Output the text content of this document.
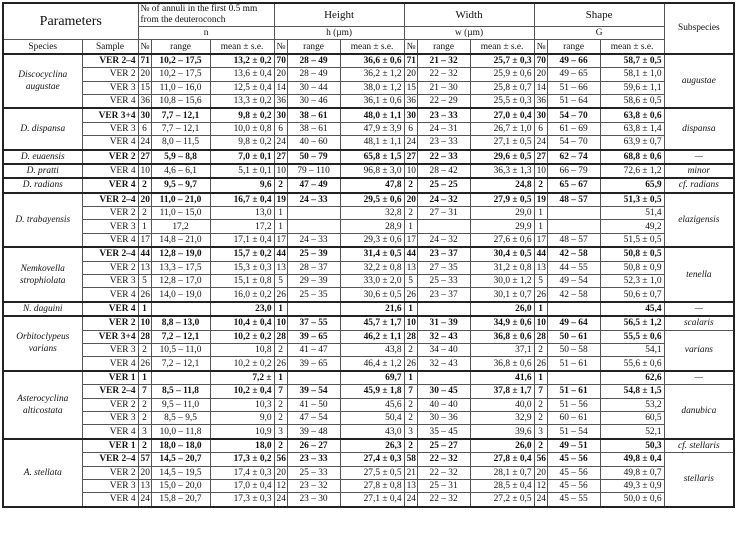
Parameters		№ of annuli in the first 0.5 mm from the deuteroconch			Height			Width			Shape			Subspecies
		n			h (µm)			w (µm)			G			
Species	Sample	№	range	mean ± s.e.	№	range	mean ± s.e.	№	range	mean ± s.e.	№	range	mean ± s.e.	
Discocyclina augustae	VER 2–4	71	10,2 – 17,5	13,2 ± 0,2	70	28 – 49	36,6 ± 0,6	71	21 – 32	25,7 ± 0,3	70	49 – 66	58,7 ± 0,5	augustae
	VER 2	20	10,2 – 17,5	13,6 ± 0,4	20	28 – 49	36,2 ± 1,2	20	22 – 32	25,9 ± 0,6	20	49 – 65	58,1 ± 1,0	
	VER 3	15	11,0 – 16,0	12,5 ± 0,4	14	30 – 44	38,0 ± 1,2	15	21 – 30	25,8 ± 0,7	14	51 – 66	59,6 ± 1,1	
	VER 4	36	10,8 – 15,6	13,3 ± 0,2	36	30 – 46	36,1 ± 0,6	36	22 – 29	25,5 ± 0,3	36	51 – 64	58,6 ± 0,5	
D. dispansa	VER 3+4	30	7,7 – 12,1	9,8 ± 0,2	30	38 – 61	48,0 ± 1,1	30	23 – 33	27,0 ± 0,4	30	54 – 70	63,8 ± 0,6	dispansa
	VER 3	6	7,7 – 12,1	10,0 ± 0,8	6	38 – 61	47,9 ± 3,9	6	24 – 31	26,7 ± 1,0	6	61 – 69	63,8 ± 1,4	
	VER 4	24	8,0 – 11,5	9,8 ± 0,2	24	40 – 60	48,1 ± 1,1	24	23 – 33	27,1 ± 0,5	24	54 – 70	63,9 ± 0,7	
D. euaensis	VER 2	27	5,9 – 8,8	7,0 ± 0,1	27	50 – 79	65,8 ± 1,5	27	22 – 33	29,6 ± 0,5	27	62 – 74	68,8 ± 0,6	—
D. pratti	VER 4	10	4,6 – 6,1	5,1 ± 0,1	10	79 – 110	96,8 ± 3,0	10	28 – 42	36,3 ± 1,3	10	66 – 79	72,6 ± 1,2	minor
D. radians	VER 4	2	9,5 – 9,7	9,6	2	47 – 49	47,8	2	25 – 25	24,8	2	65 – 67	65,9	cf. radians
D. trabayensis	VER 2–4	20	11,0 – 21,0	16,7 ± 0,4	19	24 – 33	29,5 ± 0,6	20	24 – 32	27,9 ± 0,5	19	48 – 57	51,3 ± 0,5	elazigensis
	VER 2	2	11,0 – 15,0	13,0	1		32,8	2	27 – 31	29,0	1		51,4	
	VER 3	1	17,2	17,2	1		28,9	1		29,9	1		49,2	
	VER 4	17	14,8 – 21,0	17,1 ± 0,4	17	24 – 33	29,3 ± 0,6	17	24 – 32	27,6 ± 0,6	17	48 – 57	51,5 ± 0,5	
Nemkovella strophiolata	VER 2–4	44	12,8 – 19,0	15,7 ± 0,2	44	25 – 39	31,4 ± 0,5	44	23 – 37	30,4 ± 0,5	44	42 – 58	50,8 ± 0,5	tenella
	VER 2	13	13,3 – 17,5	15,3 ± 0,3	13	28 – 37	32,2 ± 0,8	13	27 – 35	31,2 ± 0,8	13	44 – 55	50,8 ± 0,9	
	VER 3	5	12,8 – 17,0	15,1 ± 0,8	5	29 – 39	33,0 ± 2,0	5	25 – 33	30,0 ± 1,2	5	49 – 54	52,3 ± 1,0	
	VER 4	26	14,0 – 19,0	16,0 ± 0,2	26	25 – 35	30,6 ± 0,5	26	23 – 37	30,1 ± 0,7	26	42 – 58	50,6 ± 0,7	
N. daguini	VER 4	1		23,0	1		21,6	1		26,0	1		45,4	—
Orbitoclypeus varians	VER 2	10	8,8 – 13,0	10,4 ± 0,4	10	37 – 55	45,7 ± 1,7	10	31 – 39	34,9 ± 0,6	10	49 – 64	56,5 ± 1,2	scalaris
	VER 3+4	28	7,2 – 12,1	10,2 ± 0,2	28	39 – 65	46,2 ± 1,1	28	32 – 43	36,8 ± 0,6	28	50 – 61	55,5 ± 0,6	varians
	VER 3	2	10,5 – 11,0	10,8	2	41 – 47	43,8	2	34 – 40	37,1	2	50 – 58	54,1	
	VER 4	26	7,2 – 12,1	10,2 ± 0,2	26	39 – 65	46,4 ± 1,2	26	32 – 43	36,8 ± 0,6	26	51 – 61	55,6 ± 0,6	
Asterocyclina alticostata	VER 1	1		7,2 ±	1		69,7	1		41,6	1		62,6	—
	VER 2–4	7	8,5 – 11,8	10,2 ± 0,4	7	39 – 54	45,9 ± 1,8	7	30 – 45	37,8 ± 1,7	7	51 – 61	54,8 ± 1,5	danubica
	VER 2	2	9,5 – 11,0	10,3	2	41 – 50	45,6	2	40 – 40	40,0	2	51 – 56	53,2	
	VER 3	2	8,5 – 9,5	9,0	2	47 – 54	50,4	2	30 – 36	32,9	2	60 – 61	60,5	
	VER 4	3	10,0 – 11,8	10,9	3	39 – 48	43,0	3	35 – 45	39,6	3	51 – 54	52,1	
A. stellata	VER 1	2	18,0 – 18,0	18,0	2	26 – 27	26,3	2	25 – 27	26,0	2	49 – 51	50,3	cf. stellaris
	VER 2–4	57	14,5 – 20,7	17,3 ± 0,2	56	23 – 33	27,4 ± 0,3	58	22 – 32	27,8 ± 0,4	56	45 – 56	49,8 ± 0,4	stellaris
	VER 2	20	14,5 – 19,5	17,4 ± 0,3	20	25 – 33	27,5 ± 0,5	21	22 – 32	28,1 ± 0,7	20	45 – 56	49,8 ± 0,7	
	VER 3	13	15,0 – 20,0	17,0 ± 0,4	12	23 – 32	27,8 ± 0,8	13	25 – 31	28,5 ± 0,4	12	45 – 56	49,3 ± 0,9	
	VER 4	24	15,8 – 20,7	17,3 ± 0,3	24	23 – 30	27,1 ± 0,4	24	22 – 32	27,2 ± 0,5	24	45 – 55	50,0 ± 0,6	
